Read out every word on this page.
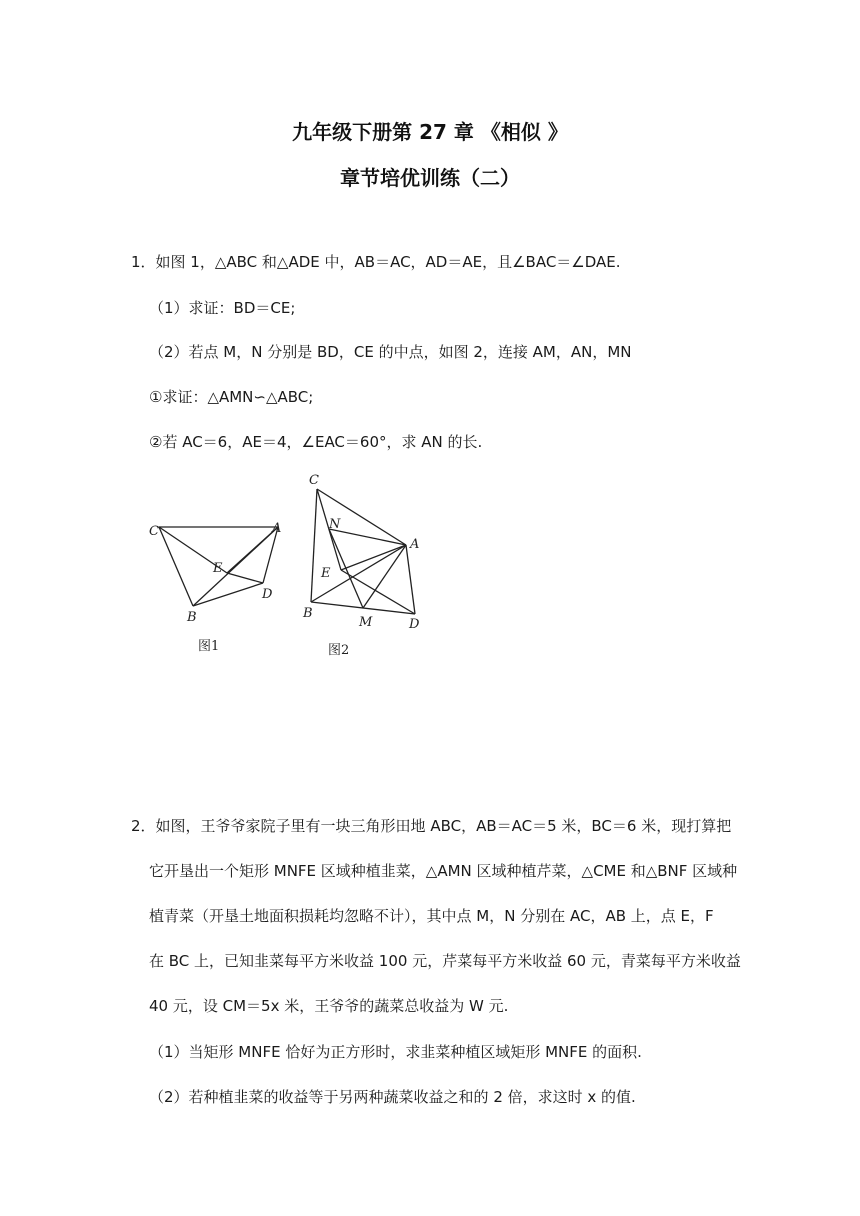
九年级下册第 27 章 《相似 》
章节培优训练（二）
1．如图 1，△ABC 和△ADE 中，AB＝AC，AD＝AE，且∠BAC＝∠DAE.
（1）求证：BD＝CE;
（2）若点 M，N 分别是 BD，CE 的中点，如图 2，连接 AM，AN，MN
①求证：△AMN∽△ABC;
②若 AC＝6，AE＝4，∠EAC＝60°，求 AN 的长.
C	A
E
D
B
图1
C
N
A
E
B
M	D
图2
2．如图，王爷爷家院子里有一块三角形田地 ABC，AB＝AC＝5 米，BC＝6 米，现打算把
它开垦出一个矩形 MNFE 区域种植韭菜，△AMN 区域种植芹菜，△CME 和△BNF 区域种
植青菜（开垦土地面积损耗均忽略不计），其中点 M，N 分别在 AC，AB 上，点 E，F
在 BC 上，已知韭菜每平方米收益 100 元，芹菜每平方米收益 60 元，青菜每平方米收益
40 元，设 CM＝5x 米，王爷爷的蔬菜总收益为 W 元.
（1）当矩形 MNFE 恰好为正方形时，求韭菜种植区域矩形 MNFE 的面积.
（2）若种植韭菜的收益等于另两种蔬菜收益之和的 2 倍，求这时 x 的值.
